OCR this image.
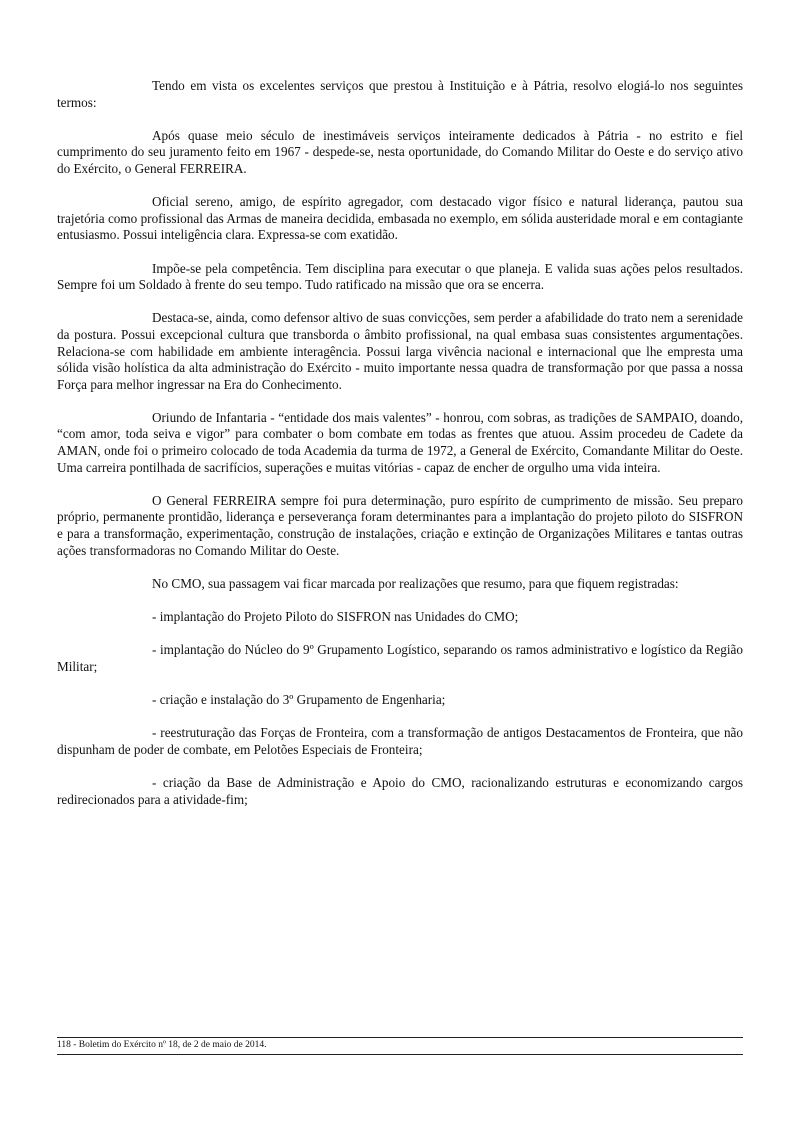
Tendo em vista os excelentes serviços que prestou à Instituição e à Pátria, resolvo elogiá-lo nos seguintes termos:

Após quase meio século de inestimáveis serviços inteiramente dedicados à Pátria - no estrito e fiel cumprimento do seu juramento feito em 1967 - despede-se, nesta oportunidade, do Comando Militar do Oeste e do serviço ativo do Exército, o General FERREIRA.

Oficial sereno, amigo, de espírito agregador, com destacado vigor físico e natural liderança, pautou sua trajetória como profissional das Armas de maneira decidida, embasada no exemplo, em sólida austeridade moral e em contagiante entusiasmo. Possui inteligência clara. Expressa-se com exatidão.

Impõe-se pela competência. Tem disciplina para executar o que planeja. E valida suas ações pelos resultados. Sempre foi um Soldado à frente do seu tempo. Tudo ratificado na missão que ora se encerra.

Destaca-se, ainda, como defensor altivo de suas convicções, sem perder a afabilidade do trato nem a serenidade da postura. Possui excepcional cultura que transborda o âmbito profissional, na qual embasa suas consistentes argumentações. Relaciona-se com habilidade em ambiente interagência. Possui larga vivência nacional e internacional que lhe empresta uma sólida visão holística da alta administração do Exército - muito importante nessa quadra de transformação por que passa a nossa Força para melhor ingressar na Era do Conhecimento.

Oriundo de Infantaria - “entidade dos mais valentes” - honrou, com sobras, as tradições de SAMPAIO, doando, “com amor, toda seiva e vigor” para combater o bom combate em todas as frentes que atuou. Assim procedeu de Cadete da AMAN, onde foi o primeiro colocado de toda Academia da turma de 1972, a General de Exército, Comandante Militar do Oeste. Uma carreira pontilhada de sacrifícios, superações e muitas vitórias - capaz de encher de orgulho uma vida inteira.

O General FERREIRA sempre foi pura determinação, puro espírito de cumprimento de missão. Seu preparo próprio, permanente prontidão, liderança e perseverança foram determinantes para a implantação do projeto piloto do SISFRON e para a transformação, experimentação, construção de instalações, criação e extinção de Organizações Militares e tantas outras ações transformadoras no Comando Militar do Oeste.

No CMO, sua passagem vai ficar marcada por realizações que resumo, para que fiquem registradas:

- implantação do Projeto Piloto do SISFRON nas Unidades do CMO;

- implantação do Núcleo do 9º Grupamento Logístico, separando os ramos administrativo e logístico da Região Militar;

- criação e instalação do 3º Grupamento de Engenharia;

- reestruturação das Forças de Fronteira, com a transformação de antigos Destacamentos de Fronteira, que não dispunham de poder de combate, em Pelotões Especiais de Fronteira;

- criação da Base de Administração e Apoio do CMO, racionalizando estruturas e economizando cargos redirecionados para a atividade-fim;

118 - Boletim do Exército nº 18, de 2 de maio de 2014.
